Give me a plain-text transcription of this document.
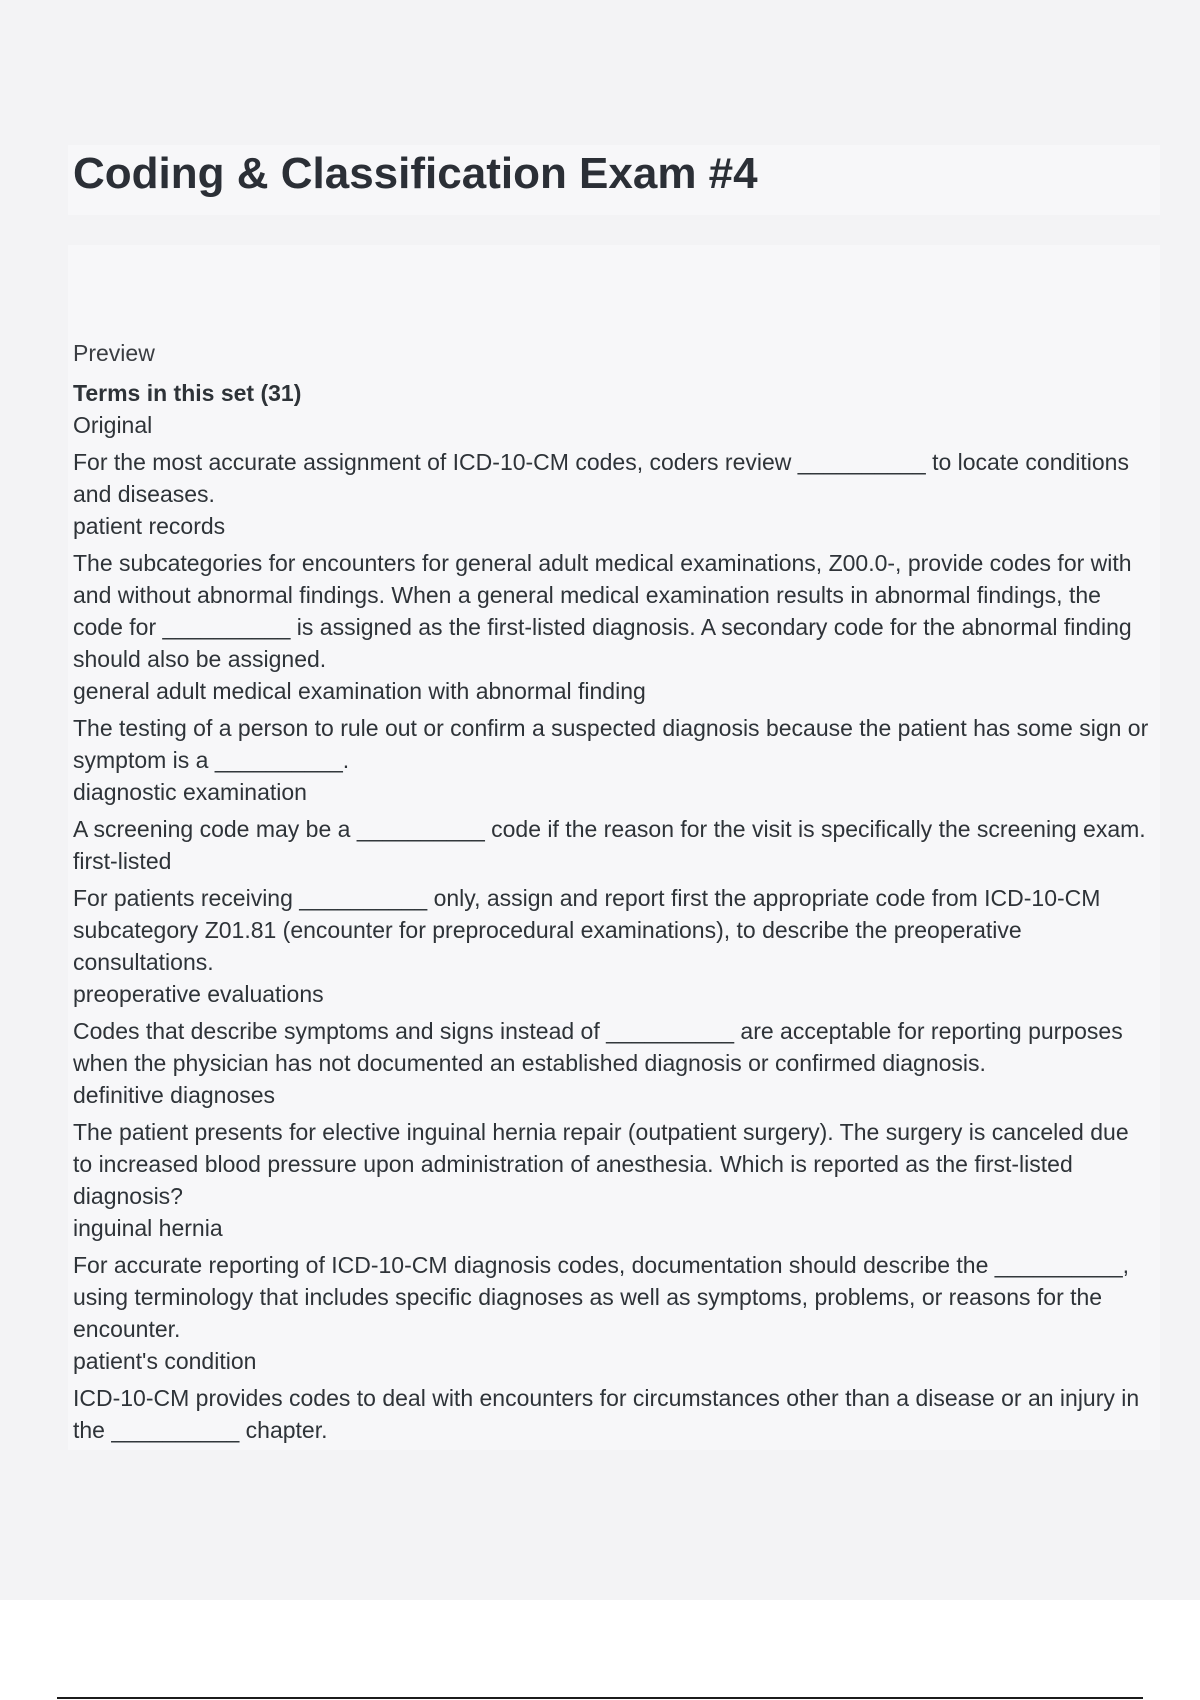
Coding & Classification Exam #4

Preview

Terms in this set (31)

Original

For the most accurate assignment of ICD-10-CM codes, coders review __________ to locate conditions and diseases.

patient records

The subcategories for encounters for general adult medical examinations, Z00.0-, provide codes for with and without abnormal findings. When a general medical examination results in abnormal findings, the code for __________ is assigned as the first-listed diagnosis. A secondary code for the abnormal finding should also be assigned.

general adult medical examination with abnormal finding

The testing of a person to rule out or confirm a suspected diagnosis because the patient has some sign or symptom is a __________.

diagnostic examination

A screening code may be a __________ code if the reason for the visit is specifically the screening exam.

first-listed

For patients receiving __________ only, assign and report first the appropriate code from ICD-10-CM subcategory Z01.81 (encounter for preprocedural examinations), to describe the preoperative consultations.

preoperative evaluations

Codes that describe symptoms and signs instead of __________ are acceptable for reporting purposes when the physician has not documented an established diagnosis or confirmed diagnosis.

definitive diagnoses

The patient presents for elective inguinal hernia repair (outpatient surgery). The surgery is canceled due to increased blood pressure upon administration of anesthesia. Which is reported as the first-listed diagnosis?

inguinal hernia

For accurate reporting of ICD-10-CM diagnosis codes, documentation should describe the __________, using terminology that includes specific diagnoses as well as symptoms, problems, or reasons for the encounter.

patient's condition

ICD-10-CM provides codes to deal with encounters for circumstances other than a disease or an injury in the __________ chapter.
